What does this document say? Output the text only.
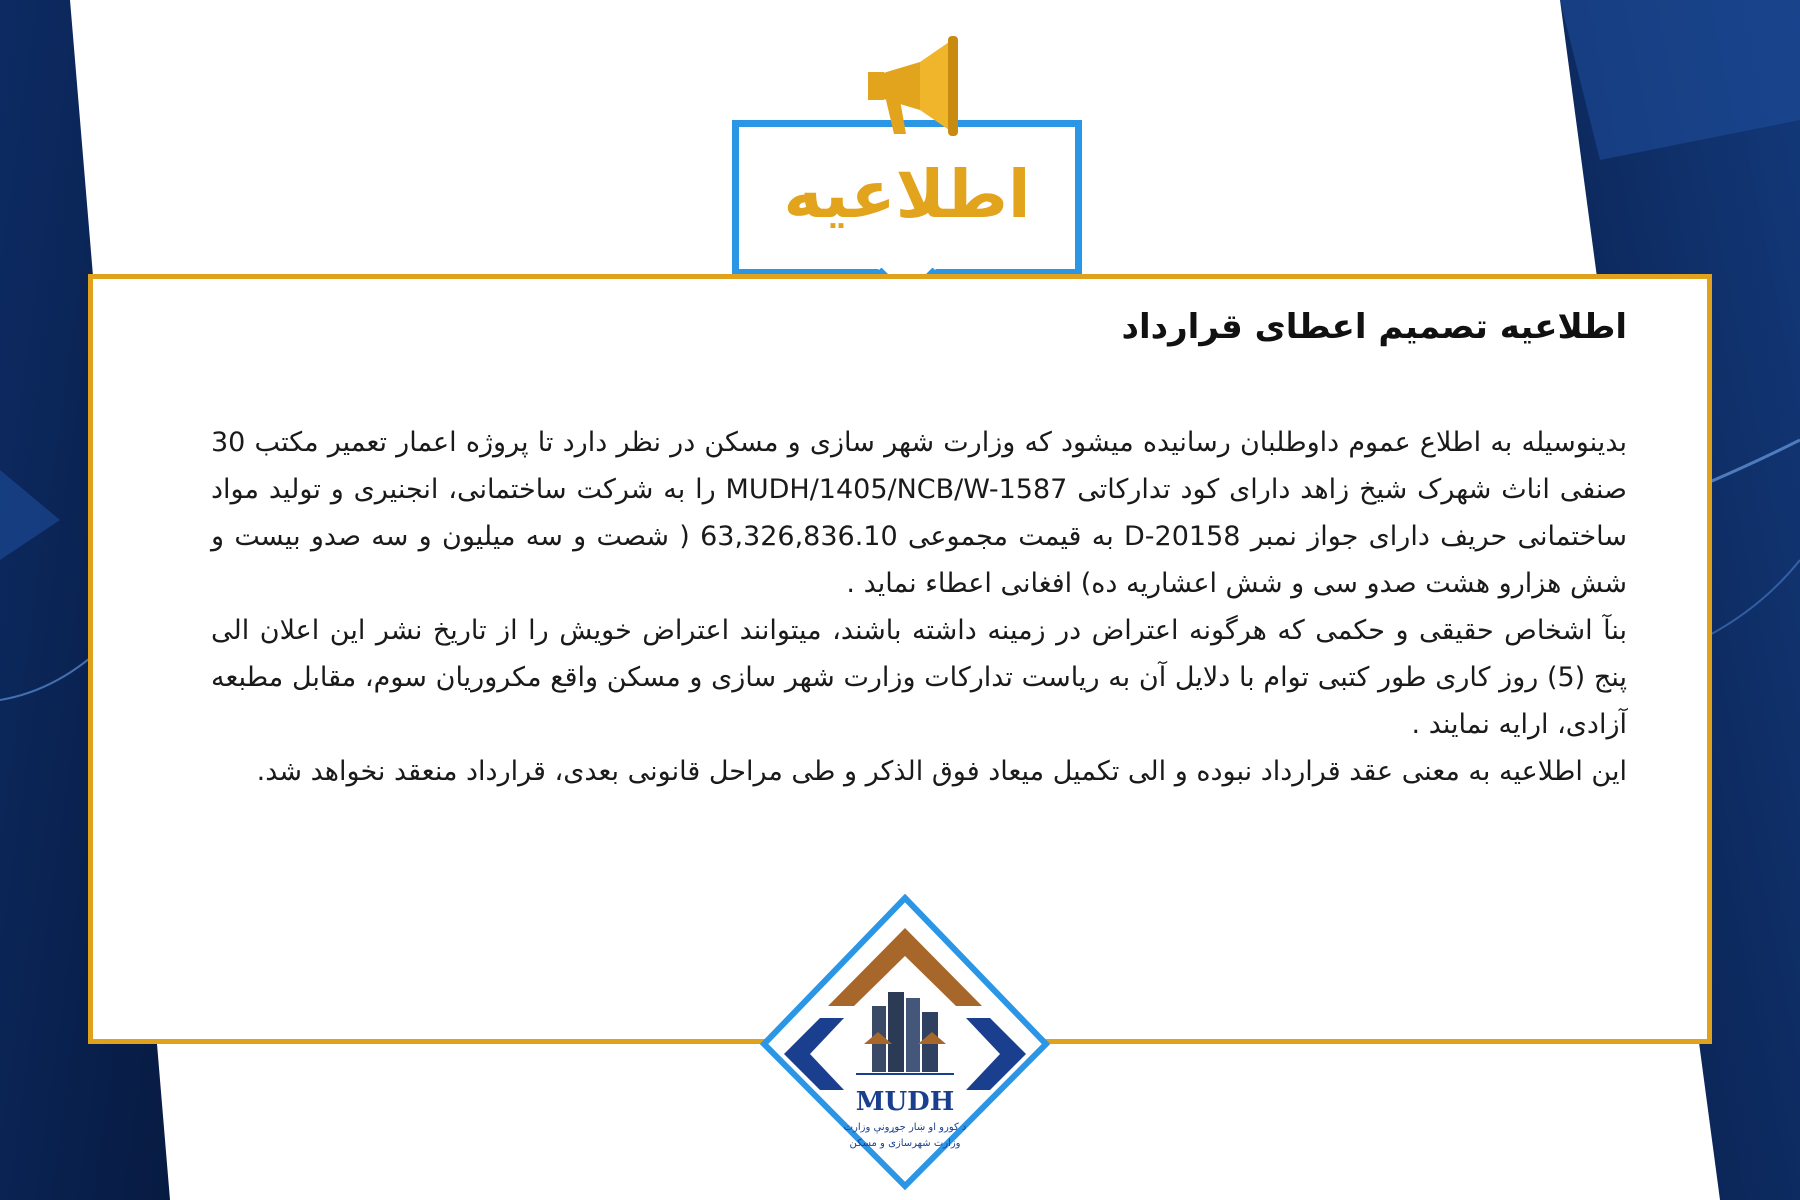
اطلاعیه
اطلاعیه تصمیم اعطای قرارداد

بدینوسیله به اطلاع عموم داوطلبان رسانیده میشود که وزارت شهر سازی و مسکن در نظر دارد تا پروژه اعمار تعمیر مکتب 30 صنفی اناث شهرک شیخ زاهد دارای کود تدارکاتی MUDH/1405/NCB/W-1587 را به شرکت ساختمانی، انجنیری و تولید مواد ساختمانی حریف دارای جواز نمبر D-20158 به قیمت مجموعی 63,326,836.10 ( شصت و سه میلیون و سه صدو بیست و شش هزارو هشت صدو سی و شش اعشاریه ده) افغانی اعطاء نماید .

بنآ اشخاص حقیقی و حکمی که هرگونه اعتراض در زمینه داشته باشند، میتوانند اعتراض خویش را از تاریخ نشر این اعلان الی پنج (5) روز کاری طور کتبی توام با دلایل آن به ریاست تدارکات وزارت شهر سازی و مسکن واقع مکروریان سوم، مقابل مطبعه آزادی، ارایه نمایند .

این اطلاعیه به معنی عقد قرارداد نبوده و الی تکمیل میعاد فوق الذکر و طی مراحل قانونی بعدی، قرارداد منعقد نخواهد شد.

MUDH
د کورو او ښار جوړونې وزارت
وزارت شهرسازی و مسکن
